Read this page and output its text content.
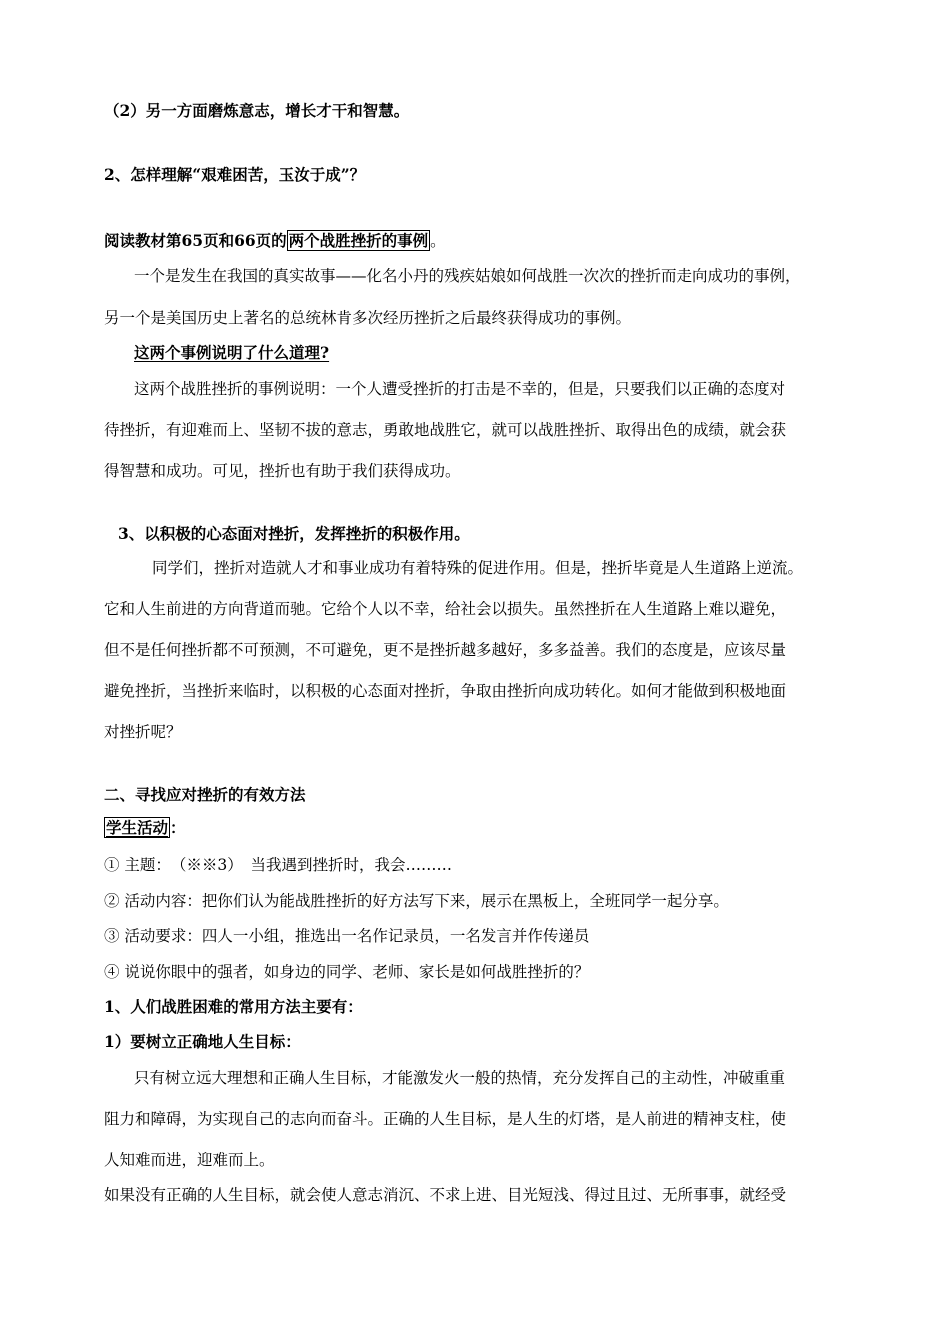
（2）另一方面磨炼意志，增长才干和智慧。
2、怎样理解“艰难困苦，玉汝于成”？
阅读教材第65页和66页的 两个战胜挫折的事例 。
一个是发生在我国的真实故事——化名小丹的残疾姑娘如何战胜一次次的挫折而走向成功的事例，
另一个是美国历史上著名的总统林肯多次经历挫折之后最终获得成功的事例。
这两个事例说明了什么道理?
这两个战胜挫折的事例说明：一个人遭受挫折的打击是不幸的，但是，只要我们以正确的态度对
待挫折，有迎难而上、坚韧不拔的意志，勇敢地战胜它，就可以战胜挫折、取得出色的成绩，就会获
得智慧和成功。可见，挫折也有助于我们获得成功。
3、以积极的心态面对挫折，发挥挫折的积极作用。
同学们，挫折对造就人才和事业成功有着特殊的促进作用。但是，挫折毕竟是人生道路上逆流。
它和人生前进的方向背道而驰。它给个人以不幸，给社会以损失。虽然挫折在人生道路上难以避免，
但不是任何挫折都不可预测，不可避免，更不是挫折越多越好，多多益善。我们的态度是，应该尽量
避免挫折，当挫折来临时，以积极的心态面对挫折，争取由挫折向成功转化。如何才能做到积极地面
对挫折呢？
二、寻找应对挫折的有效方法
学生活动 ：
① 主题：　（※※3）　当我遇到挫折时，我会………
② 活动内容：把你们认为能战胜挫折的好方法写下来，展示在黑板上，全班同学一起分享。
③ 活动要求：四人一小组，推选出一名作记录员，一名发言并作传递员
④ 说说你眼中的强者，如身边的同学、老师、家长是如何战胜挫折的？
1、人们战胜困难的常用方法主要有：
1）要树立正确地人生目标：
只有树立远大理想和正确人生目标，才能激发火一般的热情，充分发挥自己的主动性，冲破重重
阻力和障碍，为实现自己的志向而奋斗。正确的人生目标，是人生的灯塔，是人前进的精神支柱，使
人知难而进，迎难而上。
如果没有正确的人生目标，就会使人意志消沉、不求上进、目光短浅、得过且过、无所事事，就经受
